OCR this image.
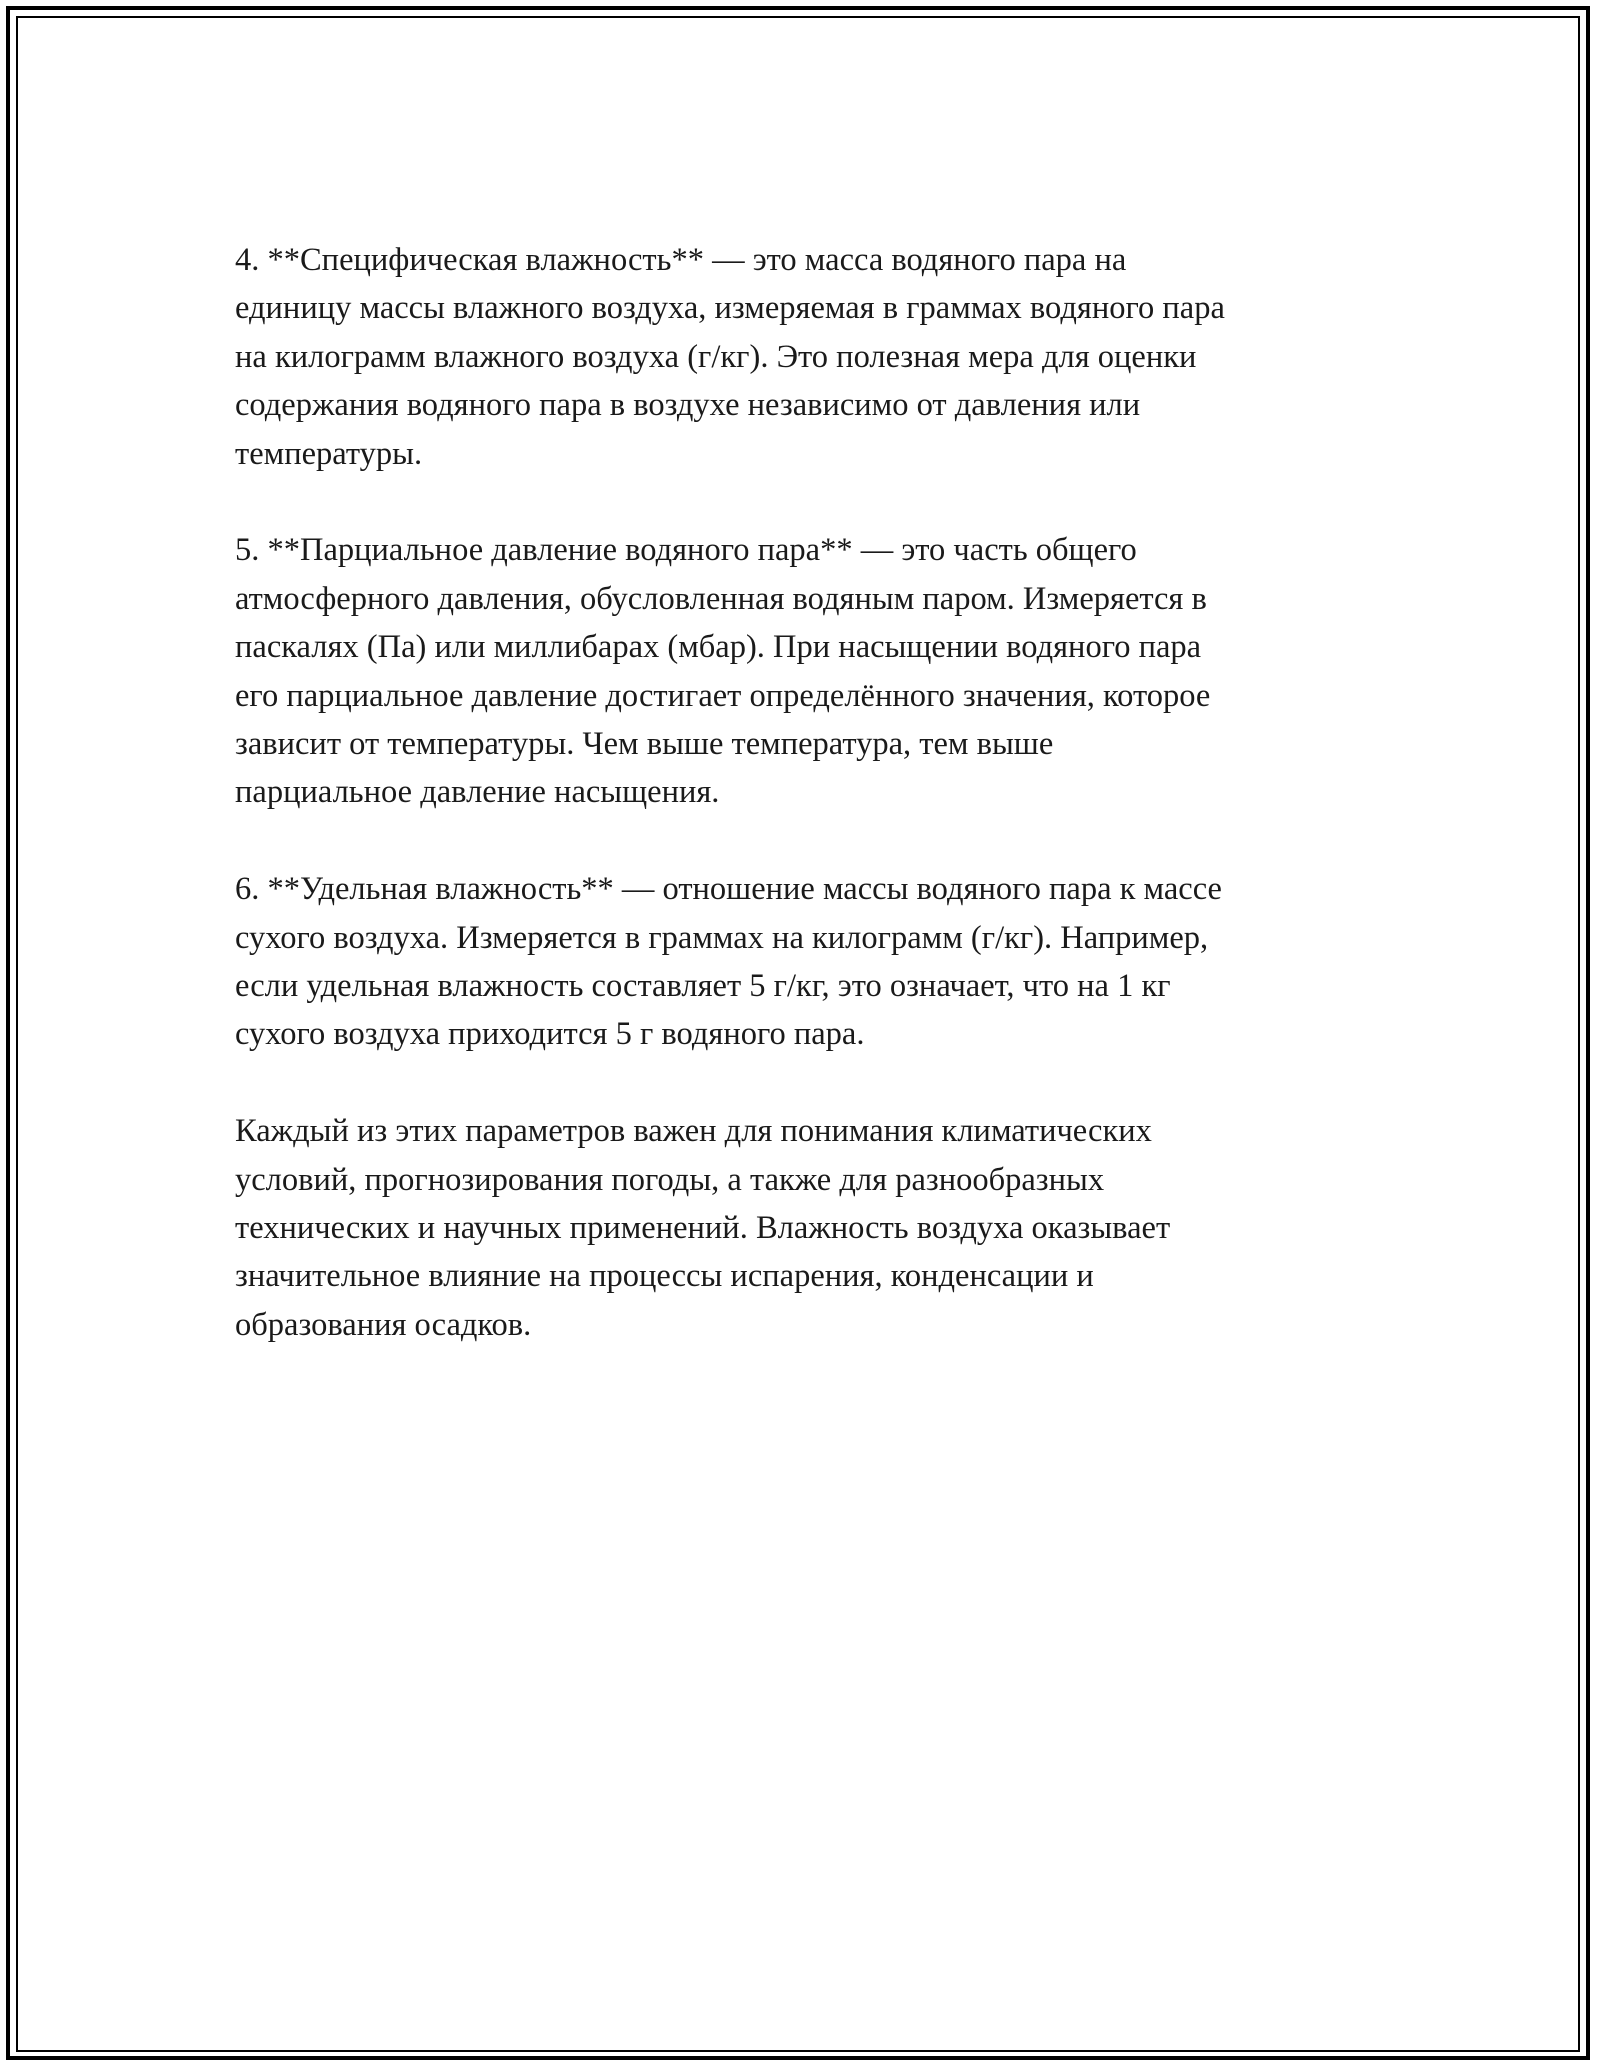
4. **Специфическая влажность** — это масса водяного пара на
единицу массы влажного воздуха, измеряемая в граммах водяного пара
на килограмм влажного воздуха (г/кг). Это полезная мера для оценки
содержания водяного пара в воздухе независимо от давления или
температуры.

5. **Парциальное давление водяного пара** — это часть общего
атмосферного давления, обусловленная водяным паром. Измеряется в
паскалях (Па) или миллибарах (мбар). При насыщении водяного пара
его парциальное давление достигает определённого значения, которое
зависит от температуры. Чем выше температура, тем выше
парциальное давление насыщения.

6. **Удельная влажность** — отношение массы водяного пара к массе
сухого воздуха. Измеряется в граммах на килограмм (г/кг). Например,
если удельная влажность составляет 5 г/кг, это означает, что на 1 кг
сухого воздуха приходится 5 г водяного пара.

Каждый из этих параметров важен для понимания климатических
условий, прогнозирования погоды, а также для разнообразных
технических и научных применений. Влажность воздуха оказывает
значительное влияние на процессы испарения, конденсации и
образования осадков.
